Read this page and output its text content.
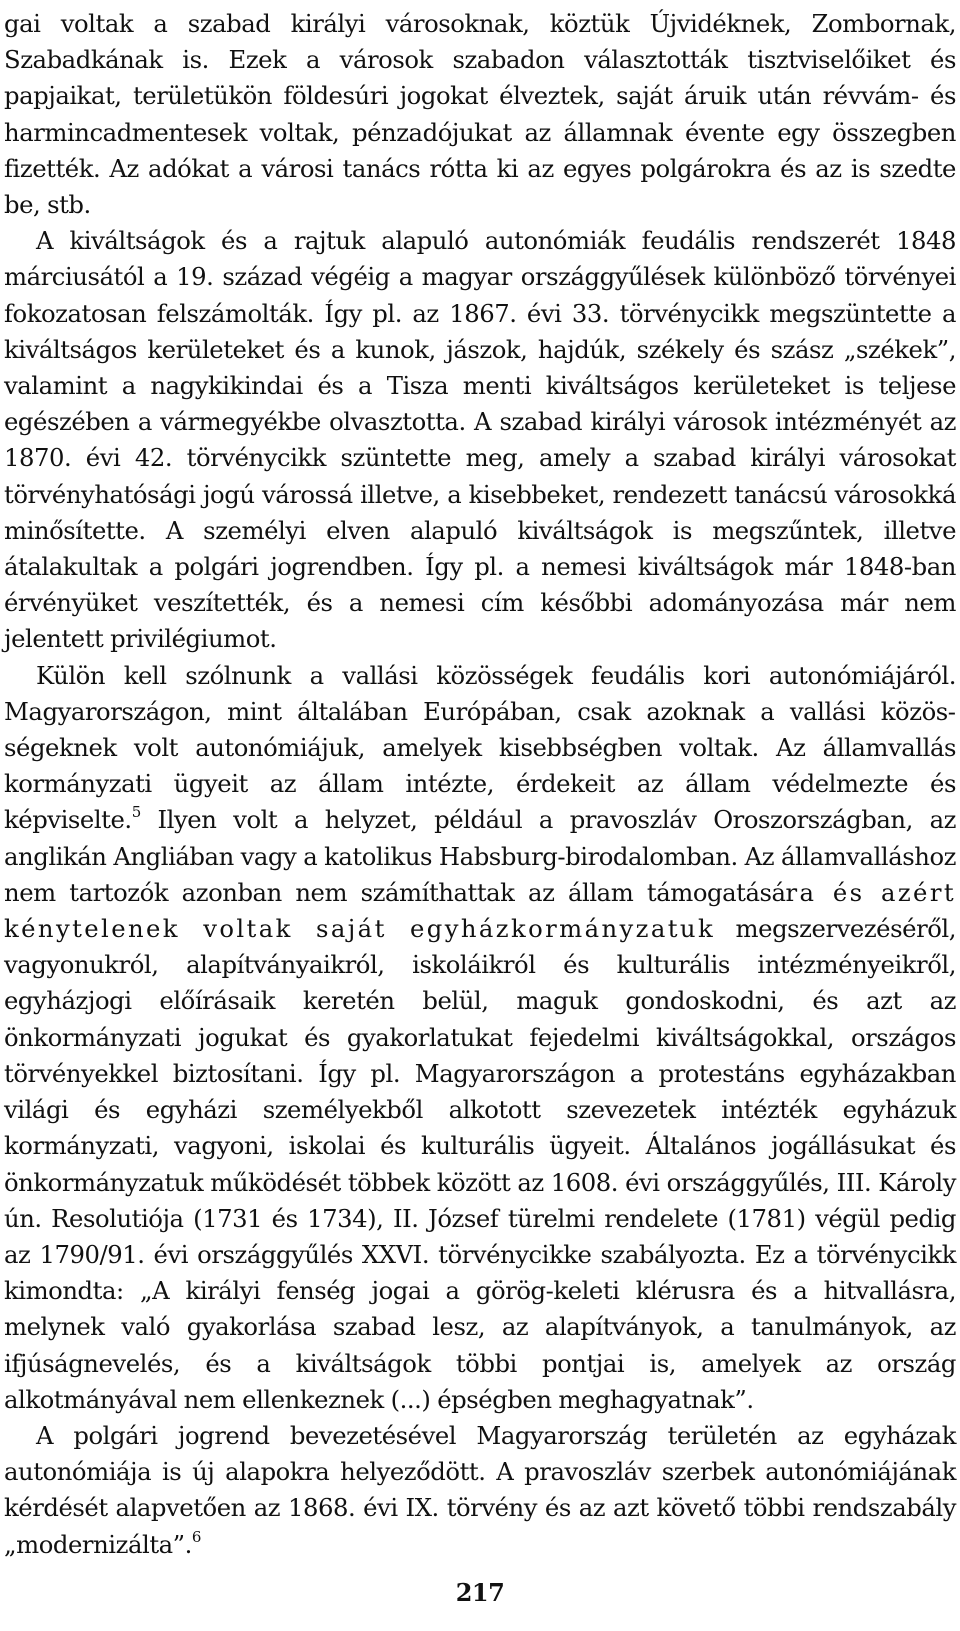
gai voltak a szabad királyi városoknak, köztük Újvidéknek, Zombornak, Szabadkának is. Ezek a városok szabadon választották tisztviselőiket és papjaikat, területükön földesúri jogokat élveztek, saját áruik után révvám- és harmincadmentesek voltak, pénzadójukat az államnak évente egy összegben fizették. Az adókat a városi tanács rótta ki az egyes polgárokra és az is szedte be, stb.

A kiváltságok és a rajtuk alapuló autonómiák feudális rendszerét 1848 márciusától a 19. század végéig a magyar országgyűlések különböző törvényei fokozatosan felszámolták. Így pl. az 1867. évi 33. törvénycikk megszüntette a kiváltságos kerületeket és a kunok, jászok, hajdúk, székely és szász „székek”, valamint a nagykikindai és a Tisza menti kiváltságos kerületeket is teljese egészében a vármegyékbe olvasztotta. A szabad királyi városok intézményét az 1870. évi 42. törvénycikk szüntette meg, amely a szabad királyi városokat törvényhatósági jogú várossá illetve, a kisebbeket, rendezett tanácsú városokká minősítette. A személyi elven alapuló kiváltságok is megszűntek, illetve átalakultak a polgári jogrendben. Így pl. a nemesi kiváltságok már 1848-ban érvényüket veszítették, és a nemesi cím későbbi adományozása már nem jelentett privilégiumot.

Külön kell szólnunk a vallási közösségek feudális kori autonómiájáról. Magyarországon, mint általában Európában, csak azoknak a vallási közösségeknek volt autonómiájuk, amelyek kisebbségben voltak. Az államvallás kormányzati ügyeit az állam intézte, érdekeit az állam védelmezte és képviselte.$^5$ Ilyen volt a helyzet, például a pravoszláv Oroszországban, az anglikán Angliában vagy a katolikus Habsburg-birodalomban. Az államvalláshoz nem tartozók azonban nem számíthattak az állam támogatására és azért kénytelenek voltak saját egyházkormányzatuk megszervezéséről, vagyonukról, alapítványaikról, iskoláikról és kulturális intézményeikről, egyházjogi előírásaik keretén belül, maguk gondoskodni, és azt az önkormányzati jogukat és gyakorlatukat fejedelmi kiváltságokkal, országos törvényekkel biztosítani. Így pl. Magyarországon a protestáns egyházakban világi és egyházi személyekből alkotott szevezetek intézték egyházuk kormányzati, vagyoni, iskolai és kulturális ügyeit. Általános jogállásukat és önkormányzatuk működését többek között az 1608. évi országgyűlés, III. Károly ún. Resolutiója (1731 és 1734), II. József türelmi rendelete (1781) végül pedig az 1790/91. évi országgyűlés XXVI. törvénycikke szabályozta. Ez a törvénycikk kimondta: „A királyi fenség jogai a görög-keleti klérusra és a hitvallásra, melynek való gyakorlása szabad lesz, az alapítványok, a tanulmányok, az ifjúságnevelés, és a kiváltságok többi pontjai is, amelyek az ország alkotmányával nem ellenkeznek (...) épségben meghagyatnak”.

A polgári jogrend bevezetésével Magyarország területén az egyházak autonómiája is új alapokra helyeződött. A pravoszláv szerbek autonómiájának kérdését alapvetően az 1868. évi IX. törvény és az azt követő többi rendszabály „modernizálta”.$^6$

217
